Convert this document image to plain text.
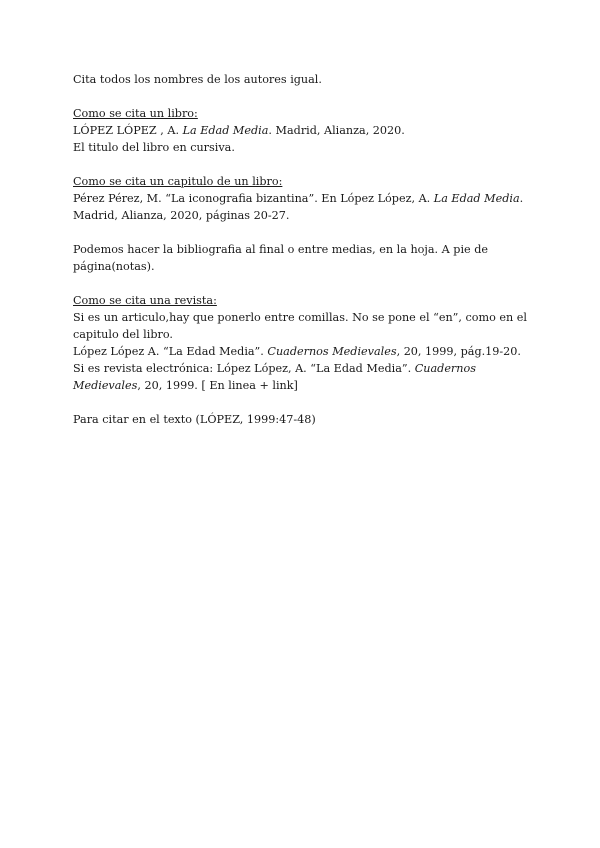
Cita todos los nombres de los autores igual.

Como se cita un libro:

LÓPEZ LÓPEZ , A. La Edad Media. Madrid, Alianza, 2020.

El titulo del libro en cursiva.

Como se cita un capitulo de un libro:

Pérez Pérez, M. “La iconografia bizantina”. En López López, A. La Edad Media. Madrid, Alianza, 2020, páginas 20-27.

Podemos hacer la bibliografia al final o entre medias, en la hoja. A pie de página(notas).

Como se cita una revista:

Si es un articulo,hay que ponerlo entre comillas. No se pone el “en”, como en el capitulo del libro.

López López A. “La Edad Media”. Cuadernos Medievales, 20, 1999, pág.19-20.

Si es revista electrónica: López López, A. “La Edad Media”. Cuadernos Medievales, 20, 1999. [ En linea + link]

Para citar en el texto (LÓPEZ, 1999:47-48)
